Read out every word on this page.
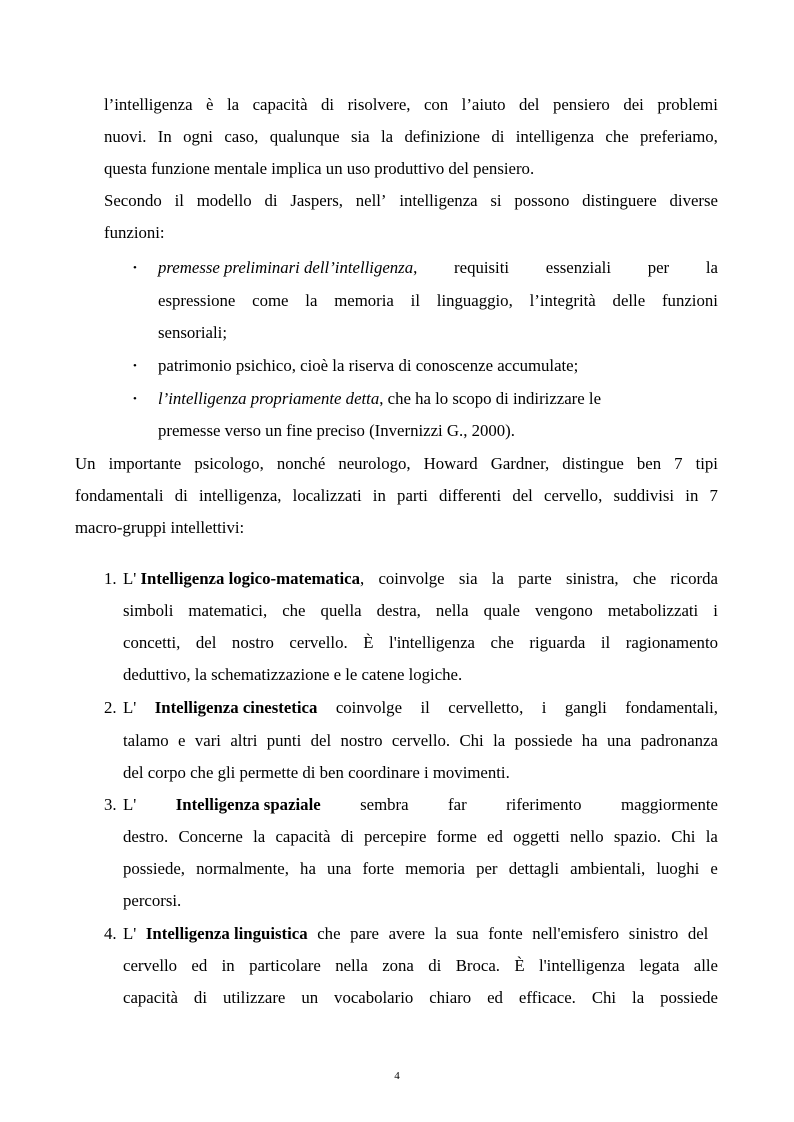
l’intelligenza è la capacità di risolvere, con l’aiuto del pensiero dei problemi
nuovi. In ogni caso, qualunque sia la definizione di intelligenza che preferiamo,
questa funzione mentale implica un uso produttivo del pensiero.
Secondo il modello di Jaspers, nell’ intelligenza si possono distinguere diverse
funzioni:
• premesse preliminari dell’intelligenza, requisiti essenziali per la
espressione come la memoria il linguaggio, l’integrità delle funzioni
sensoriali;
• patrimonio psichico, cioè la riserva di conoscenze accumulate;
• l’intelligenza propriamente detta, che ha lo scopo di indirizzare le
premesse verso un fine preciso (Invernizzi G., 2000).
Un importante psicologo, nonché neurologo, Howard Gardner, distingue ben 7 tipi
fondamentali di intelligenza, localizzati in parti differenti del cervello, suddivisi in 7
macro-gruppi intellettivi:
1. L' Intelligenza logico-matematica, coinvolge sia la parte sinistra, che ricorda
simboli matematici, che quella destra, nella quale vengono metabolizzati i
concetti, del nostro cervello. È l'intelligenza che riguarda il ragionamento
deduttivo, la schematizzazione e le catene logiche.
2. L' Intelligenza cinestetica coinvolge il cervelletto, i gangli fondamentali,
talamo e vari altri punti del nostro cervello. Chi la possiede ha una padronanza
del corpo che gli permette di ben coordinare i movimenti.
3. L' Intelligenza spaziale sembra far riferimento maggiormente
destro. Concerne la capacità di percepire forme ed oggetti nello spazio. Chi la
possiede, normalmente, ha una forte memoria per dettagli ambientali, luoghi e
percorsi.
4. L' Intelligenza linguistica che pare avere la sua fonte nell'emisfero sinistro del
cervello ed in particolare nella zona di Broca. È l'intelligenza legata alle
capacità di utilizzare un vocabolario chiaro ed efficace. Chi la possiede
4
